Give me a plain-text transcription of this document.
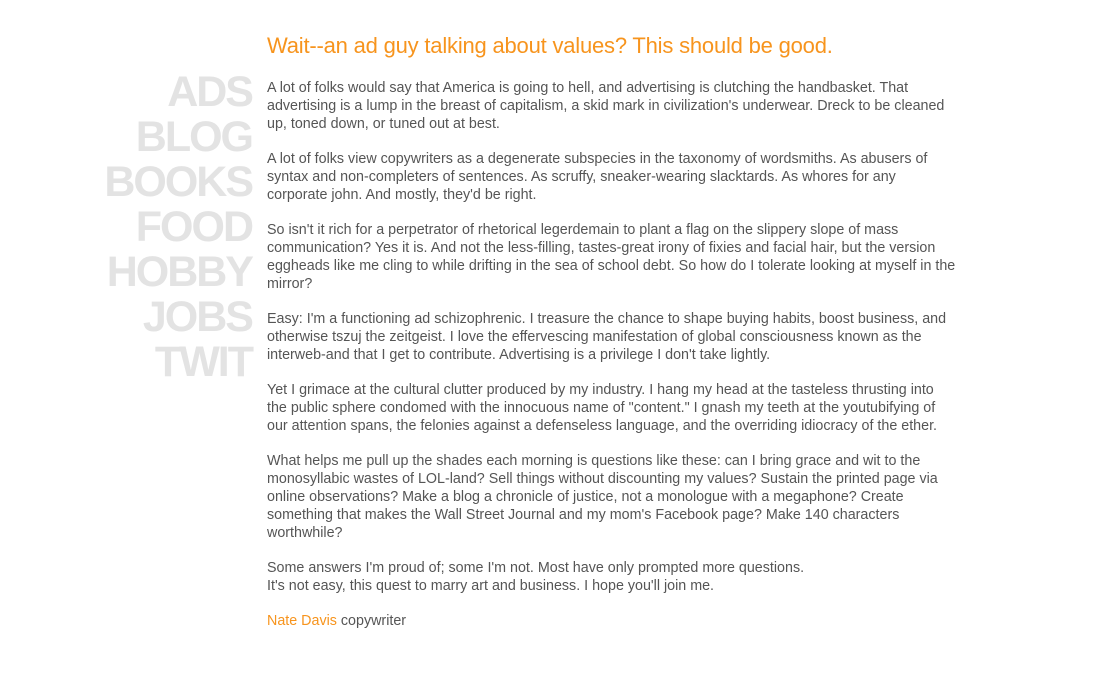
ADS
BLOG
BOOKS
FOOD
HOBBY
JOBS
TWIT
Wait--an ad guy talking about values? This should be good.

A lot of folks would say that America is going to hell, and advertising is clutching the handbasket. That advertising is a lump in the breast of capitalism, a skid mark in civilization's underwear. Dreck to be cleaned up, toned down, or tuned out at best.

A lot of folks view copywriters as a degenerate subspecies in the taxonomy of wordsmiths. As abusers of syntax and non-completers of sentences. As scruffy, sneaker-wearing slacktards. As whores for any corporate john. And mostly, they'd be right.

So isn't it rich for a perpetrator of rhetorical legerdemain to plant a flag on the slippery slope of mass communication? Yes it is. And not the less-filling, tastes-great irony of fixies and facial hair, but the version eggheads like me cling to while drifting in the sea of school debt. So how do I tolerate looking at myself in the mirror?

Easy: I'm a functioning ad schizophrenic. I treasure the chance to shape buying habits, boost business, and otherwise tszuj the zeitgeist. I love the effervescing manifestation of global consciousness known as the interweb-and that I get to contribute. Advertising is a privilege I don't take lightly.

Yet I grimace at the cultural clutter produced by my industry. I hang my head at the tasteless thrusting into the public sphere condomed with the innocuous name of "content." I gnash my teeth at the youtubifying of our attention spans, the felonies against a defenseless language, and the overriding idiocracy of the ether.

What helps me pull up the shades each morning is questions like these: can I bring grace and wit to the monosyllabic wastes of LOL-land? Sell things without discounting my values? Sustain the printed page via online observations? Make a blog a chronicle of justice, not a monologue with a megaphone? Create something that makes the Wall Street Journal and my mom's Facebook page? Make 140 characters worthwhile?

Some answers I'm proud of; some I'm not. Most have only prompted more questions.
It's not easy, this quest to marry art and business. I hope you'll join me.

Nate Davis copywriter
